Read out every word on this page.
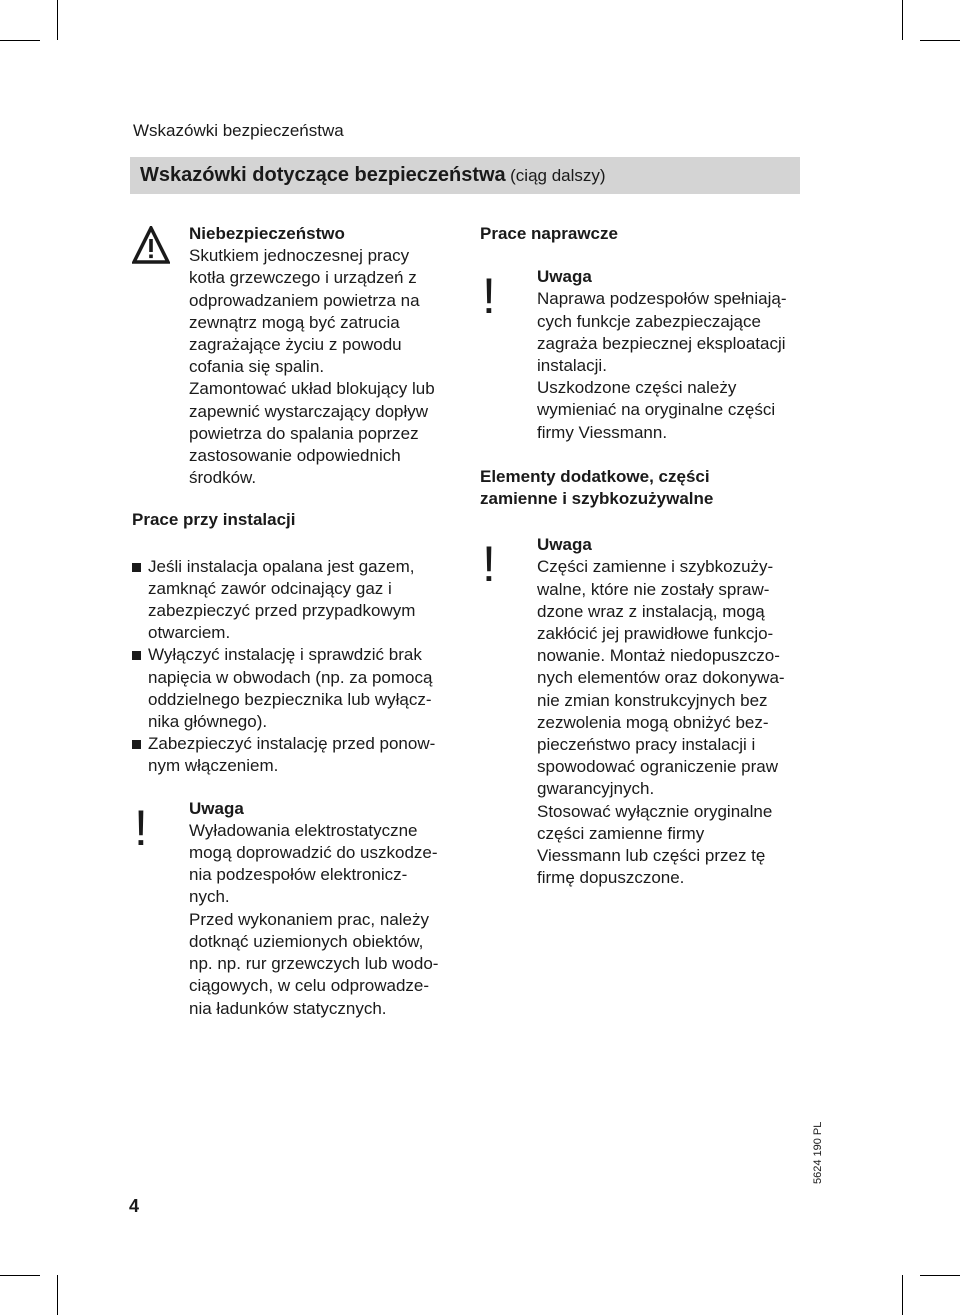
Wskazówki bezpieczeństwa
Wskazówki dotyczące bezpieczeństwa (ciąg dalszy)
Niebezpieczeństwo
Skutkiem jednoczesnej pracy
kotła grzewczego i urządzeń z
odprowadzaniem powietrza na
zewnątrz mogą być zatrucia
zagrażające życiu z powodu
cofania się spalin.
Zamontować układ blokujący lub
zapewnić wystarczający dopływ
powietrza do spalania poprzez
zastosowanie odpowiednich
środków.
Prace przy instalacji
Jeśli instalacja opalana jest gazem,
zamknąć zawór odcinający gaz i
zabezpieczyć przed przypadkowym
otwarciem.
Wyłączyć instalację i sprawdzić brak
napięcia w obwodach (np. za pomocą
oddzielnego bezpiecznika lub wyłącz-
nika głównego).
Zabezpieczyć instalację przed ponow-
nym włączeniem.
! Uwaga
Wyładowania elektrostatyczne
mogą doprowadzić do uszkodze-
nia podzespołów elektronicz-
nych.
Przed wykonaniem prac, należy
dotknąć uziemionych obiektów,
np. np. rur grzewczych lub wodo-
ciągowych, w celu odprowadze-
nia ładunków statycznych.
Prace naprawcze
! Uwaga
Naprawa podzespołów spełniają-
cych funkcje zabezpieczające
zagraża bezpiecznej eksploatacji
instalacji.
Uszkodzone części należy
wymieniać na oryginalne części
firmy Viessmann.
Elementy dodatkowe, części
zamienne i szybkozużywalne
! Uwaga
Części zamienne i szybkozuży-
walne, które nie zostały spraw-
dzone wraz z instalacją, mogą
zakłócić jej prawidłowe funkcjo-
nowanie. Montaż niedopuszczo-
nych elementów oraz dokonywa-
nie zmian konstrukcyjnych bez
zezwolenia mogą obniżyć bez-
pieczeństwo pracy instalacji i
spowodować ograniczenie praw
gwarancyjnych.
Stosować wyłącznie oryginalne
części zamienne firmy
Viessmann lub części przez tę
firmę dopuszczone.
4
5624 190 PL
